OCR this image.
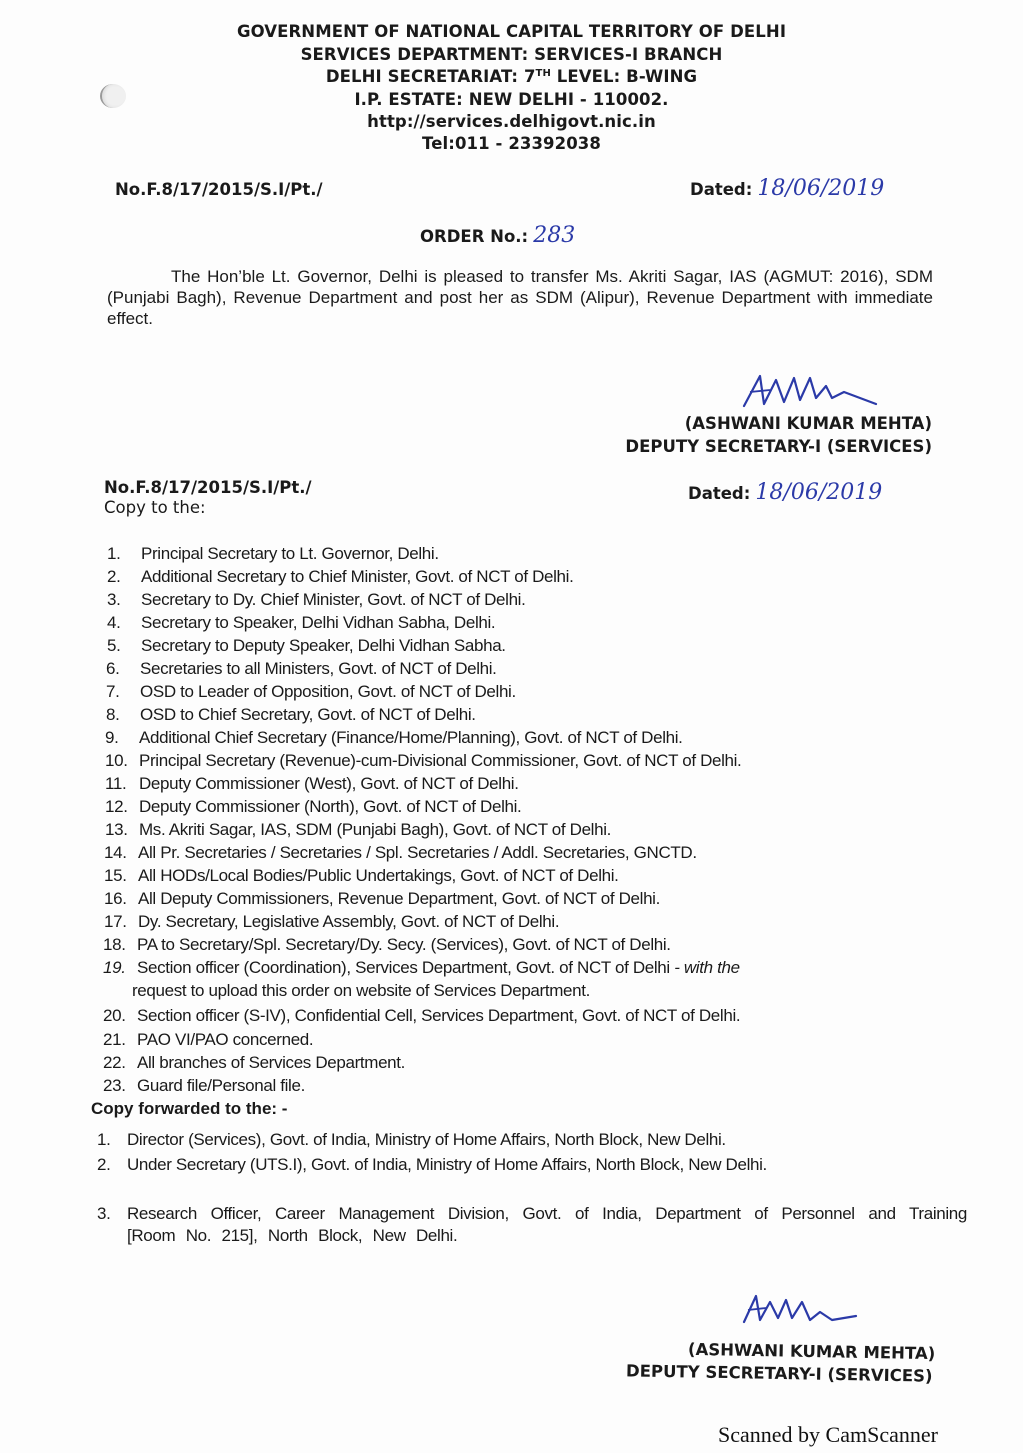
GOVERNMENT OF NATIONAL CAPITAL TERRITORY OF DELHI
SERVICES DEPARTMENT: SERVICES-I BRANCH
DELHI SECRETARIAT: 7TH LEVEL: B-WING
I.P. ESTATE: NEW DELHI - 110002.
http://services.delhigovt.nic.in
Tel:011 - 23392038
No.F.8/17/2015/S.I/Pt./	Dated: 18/06/2019
ORDER No.: 283
The Hon’ble Lt. Governor, Delhi is pleased to transfer Ms. Akriti Sagar, IAS (AGMUT: 2016), SDM (Punjabi Bagh), Revenue Department and post her as SDM (Alipur), Revenue Department with immediate effect.
(ASHWANI KUMAR MEHTA)
DEPUTY SECRETARY-I (SERVICES)
No.F.8/17/2015/S.I/Pt./
Copy to the:
Dated: 18/06/2019
1. Principal Secretary to Lt. Governor, Delhi.
2. Additional Secretary to Chief Minister, Govt. of NCT of Delhi.
3. Secretary to Dy. Chief Minister, Govt. of NCT of Delhi.
4. Secretary to Speaker, Delhi Vidhan Sabha, Delhi.
5. Secretary to Deputy Speaker, Delhi Vidhan Sabha.
6. Secretaries to all Ministers, Govt. of NCT of Delhi.
7. OSD to Leader of Opposition, Govt. of NCT of Delhi.
8. OSD to Chief Secretary, Govt. of NCT of Delhi.
9. Additional Chief Secretary (Finance/Home/Planning), Govt. of NCT of Delhi.
10. Principal Secretary (Revenue)-cum-Divisional Commissioner, Govt. of NCT of Delhi.
11. Deputy Commissioner (West), Govt. of NCT of Delhi.
12. Deputy Commissioner (North), Govt. of NCT of Delhi.
13. Ms. Akriti Sagar, IAS, SDM (Punjabi Bagh), Govt. of NCT of Delhi.
14. All Pr. Secretaries / Secretaries / Spl. Secretaries / Addl. Secretaries, GNCTD.
15. All HODs/Local Bodies/Public Undertakings, Govt. of NCT of Delhi.
16. All Deputy Commissioners, Revenue Department, Govt. of NCT of Delhi.
17. Dy. Secretary, Legislative Assembly, Govt. of NCT of Delhi.
18. PA to Secretary/Spl. Secretary/Dy. Secy. (Services), Govt. of NCT of Delhi.
19. Section officer (Coordination), Services Department, Govt. of NCT of Delhi - with the
request to upload this order on website of Services Department.
20. Section officer (S-IV), Confidential Cell, Services Department, Govt. of NCT of Delhi.
21. PAO VI/PAO concerned.
22. All branches of Services Department.
23. Guard file/Personal file.
Copy forwarded to the: -
1. Director (Services), Govt. of India, Ministry of Home Affairs, North Block, New Delhi.
2. Under Secretary (UTS.I), Govt. of India, Ministry of Home Affairs, North Block, New Delhi.
3. Research Officer, Career Management Division, Govt. of India, Department of Personnel and Training [Room No. 215], North Block, New Delhi.
(ASHWANI KUMAR MEHTA)
DEPUTY SECRETARY-I (SERVICES)
Scanned by CamScanner
